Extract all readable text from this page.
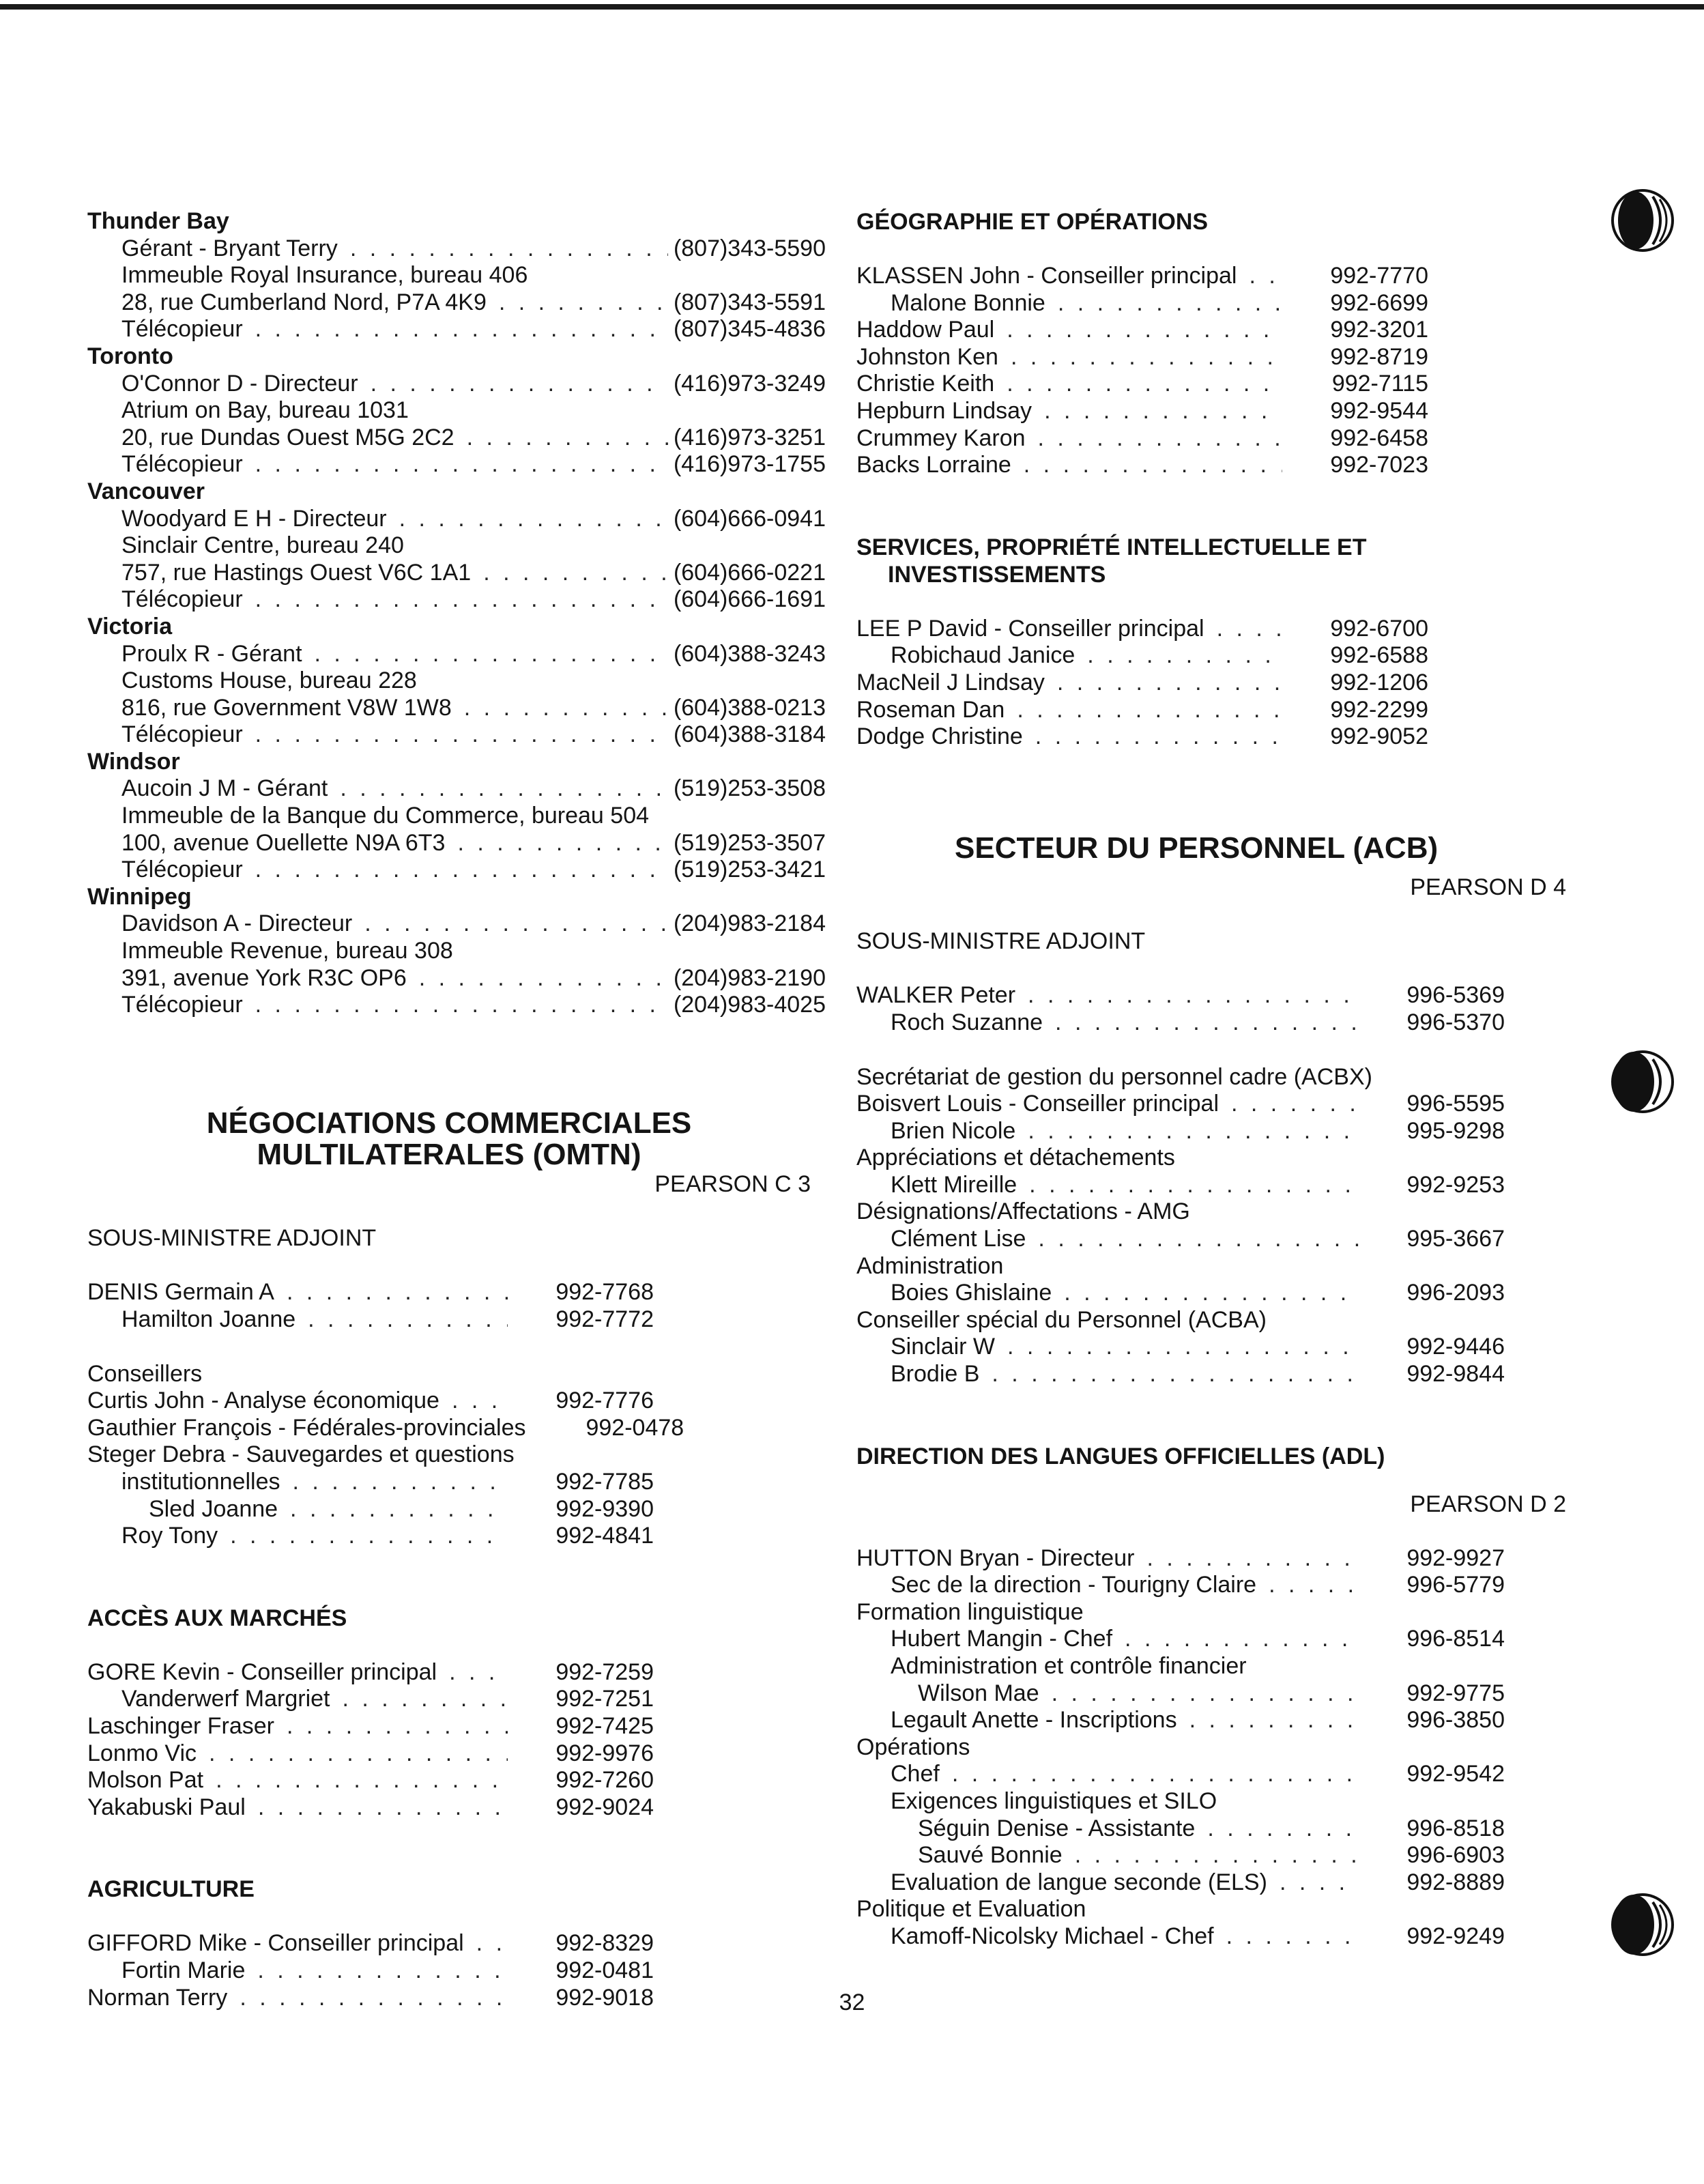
Thunder Bay
Gérant - Bryant Terry . . .	(807)343-5590
Immeuble Royal Insurance, bureau 406
28, rue Cumberland Nord, P7A 4K9 . . .	(807)343-5591
Télécopieur . . .	(807)345-4836
Toronto
O'Connor D - Directeur . . .	(416)973-3249
Atrium on Bay, bureau 1031
20, rue Dundas Ouest M5G 2C2 . . .	(416)973-3251
Télécopieur . . .	(416)973-1755
Vancouver
Woodyard E H - Directeur . . .	(604)666-0941
Sinclair Centre, bureau 240
757, rue Hastings Ouest V6C 1A1 . . .	(604)666-0221
Télécopieur . . .	(604)666-1691
Victoria
Proulx R - Gérant . . .	(604)388-3243
Customs House, bureau 228
816, rue Government V8W 1W8 . . .	(604)388-0213
Télécopieur . . .	(604)388-3184
Windsor
Aucoin J M - Gérant . . .	(519)253-3508
Immeuble de la Banque du Commerce, bureau 504
100, avenue Ouellette N9A 6T3 . . .	(519)253-3507
Télécopieur . . .	(519)253-3421
Winnipeg
Davidson A - Directeur . . .	(204)983-2184
Immeuble Revenue, bureau 308
391, avenue York R3C OP6 . . .	(204)983-2190
Télécopieur . . .	(204)983-4025
NÉGOCIATIONS COMMERCIALES
MULTILATERALES (OMTN)
PEARSON C 3
SOUS-MINISTRE ADJOINT
DENIS Germain A . . .	992-7768
Hamilton Joanne . . .	992-7772
Conseillers
Curtis John - Analyse économique . . .	992-7776
Gauthier François - Fédérales-provinciales	992-0478
Steger Debra - Sauvegardes et questions
institutionnelles . . .	992-7785
Sled Joanne . . .	992-9390
Roy Tony . . .	992-4841
ACCÈS AUX MARCHÉS
GORE Kevin - Conseiller principal . . .	992-7259
Vanderwerf Margriet . . .	992-7251
Laschinger Fraser . . .	992-7425
Lonmo Vic . . .	992-9976
Molson Pat . . .	992-7260
Yakabuski Paul . . .	992-9024
AGRICULTURE
GIFFORD Mike - Conseiller principal . . .	992-8329
Fortin Marie . . .	992-0481
Norman Terry . . .	992-9018
GÉOGRAPHIE ET OPÉRATIONS
KLASSEN John - Conseiller principal . . .	992-7770
Malone Bonnie . . .	992-6699
Haddow Paul . . .	992-3201
Johnston Ken . . .	992-8719
Christie Keith . . .	992-7115
Hepburn Lindsay . . .	992-9544
Crummey Karon . . .	992-6458
Backs Lorraine . . .	992-7023
SERVICES, PROPRIÉTÉ INTELLECTUELLE ET
INVESTISSEMENTS
LEE P David - Conseiller principal . . .	992-6700
Robichaud Janice . . .	992-6588
MacNeil J Lindsay . . .	992-1206
Roseman Dan . . .	992-2299
Dodge Christine . . .	992-9052
SECTEUR DU PERSONNEL (ACB)
PEARSON D 4
SOUS-MINISTRE ADJOINT
WALKER Peter . . .	996-5369
Roch Suzanne . . .	996-5370
Secrétariat de gestion du personnel cadre (ACBX)
Boisvert Louis - Conseiller principal . . .	996-5595
Brien Nicole . . .	995-9298
Appréciations et détachements
Klett Mireille . . .	992-9253
Désignations/Affectations - AMG
Clément Lise . . .	995-3667
Administration
Boies Ghislaine . . .	996-2093
Conseiller spécial du Personnel (ACBA)
Sinclair W . . .	992-9446
Brodie B . . .	992-9844
DIRECTION DES LANGUES OFFICIELLES (ADL)
PEARSON D 2
HUTTON Bryan - Directeur . . .	992-9927
Sec de la direction - Tourigny Claire . . .	996-5779
Formation linguistique
Hubert Mangin - Chef . . .	996-8514
Administration et contrôle financier
Wilson Mae . . .	992-9775
Legault Anette - Inscriptions . . .	996-3850
Opérations
Chef . . .	992-9542
Exigences linguistiques et SILO
Séguin Denise - Assistante . . .	996-8518
Sauvé Bonnie . . .	996-6903
Evaluation de langue seconde (ELS) . . .	992-8889
Politique et Evaluation
Kamoff-Nicolsky Michael - Chef . . .	992-9249
32
